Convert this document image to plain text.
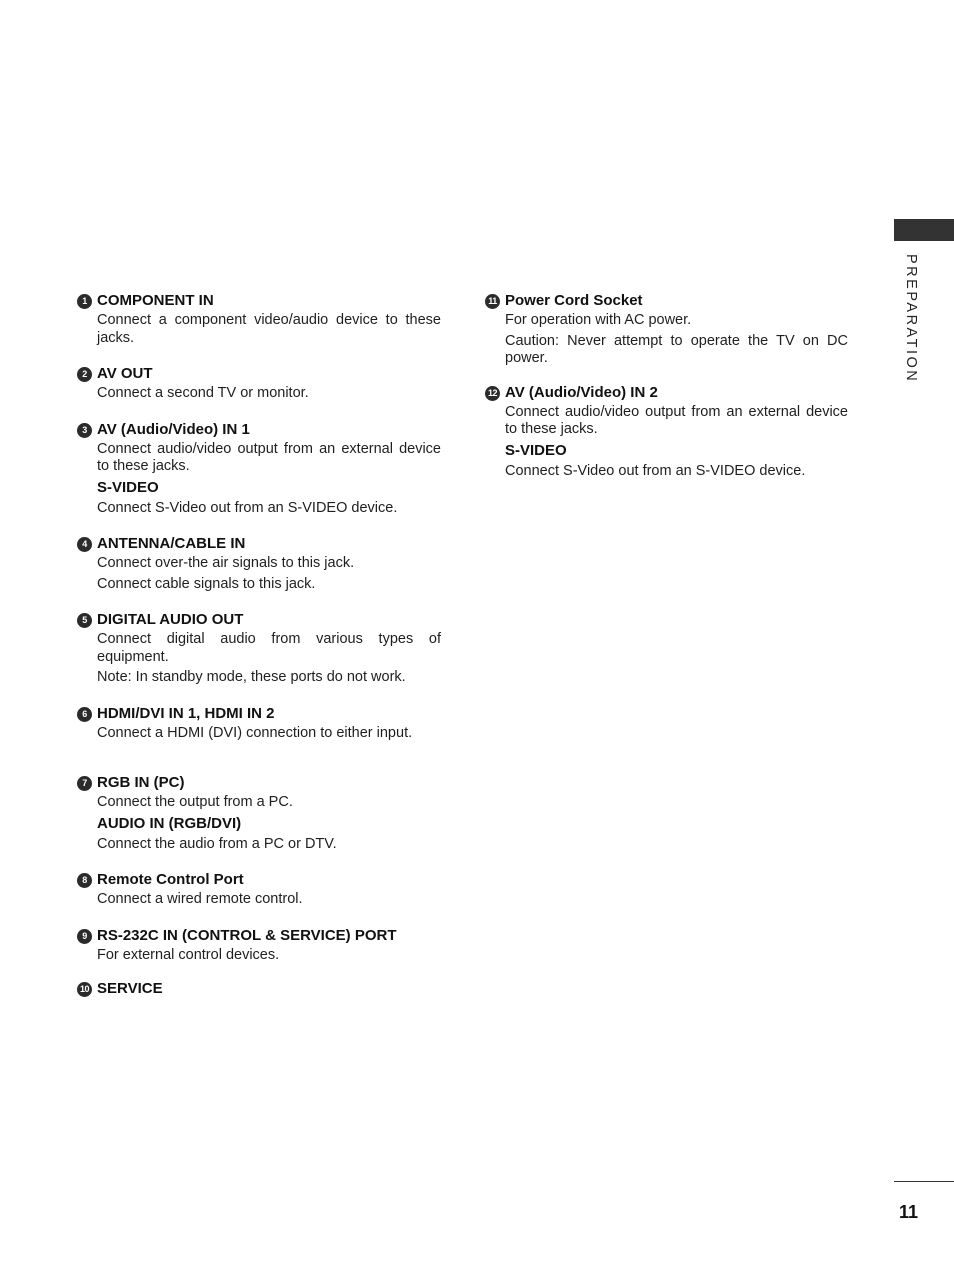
PREPARATION
1 COMPONENT IN
Connect a component video/audio device to these jacks.
2 AV OUT
Connect a second TV or monitor.
3 AV (Audio/Video) IN 1
Connect audio/video output from an external device to these jacks.
S-VIDEO
Connect S-Video out from an S-VIDEO device.
4 ANTENNA/CABLE IN
Connect over-the air signals to this jack.
Connect cable signals to this jack.
5 DIGITAL AUDIO OUT
Connect digital audio from various types of equipment.
Note: In standby mode, these ports do not work.
6 HDMI/DVI IN 1, HDMI IN 2
Connect a HDMI (DVI) connection to either input.
7 RGB IN (PC)
Connect the output from a PC.
AUDIO IN (RGB/DVI)
Connect the audio from a PC or DTV.
8 Remote Control Port
Connect a wired remote control.
9 RS-232C IN (CONTROL & SERVICE) PORT
For external control devices.
10 SERVICE
11 Power Cord Socket
For operation with AC power.
Caution: Never attempt to operate the TV on DC power.
12 AV (Audio/Video) IN 2
Connect audio/video output from an external device to these jacks.
S-VIDEO
Connect S-Video out from an S-VIDEO device.
11
